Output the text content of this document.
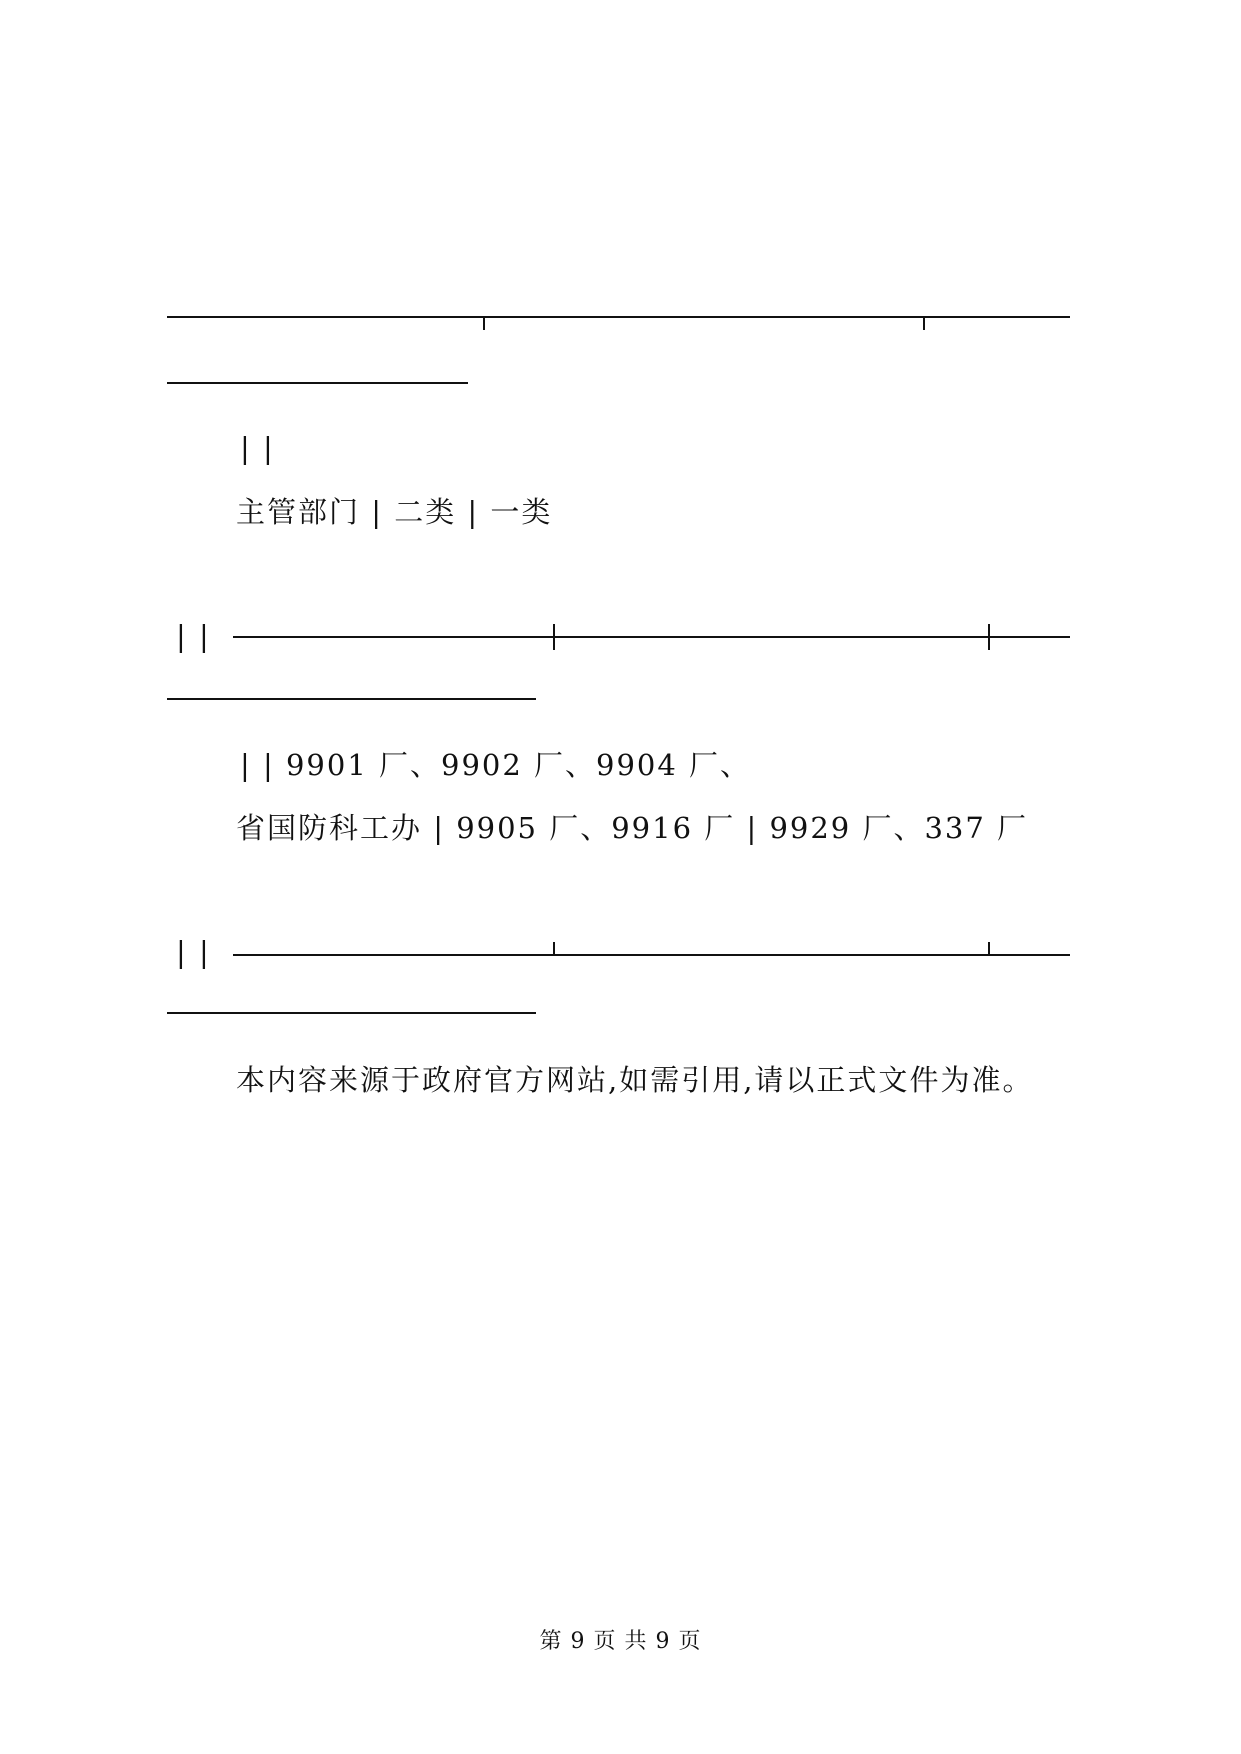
| |
主管部门 | 二类 | 一类
| |
| | 9901 厂、9902 厂、9904 厂、
省国防科工办 | 9905 厂、9916 厂 | 9929 厂、337 厂
| |
本内容来源于政府官方网站,如需引用,请以正式文件为准。
第 9 页 共 9 页
